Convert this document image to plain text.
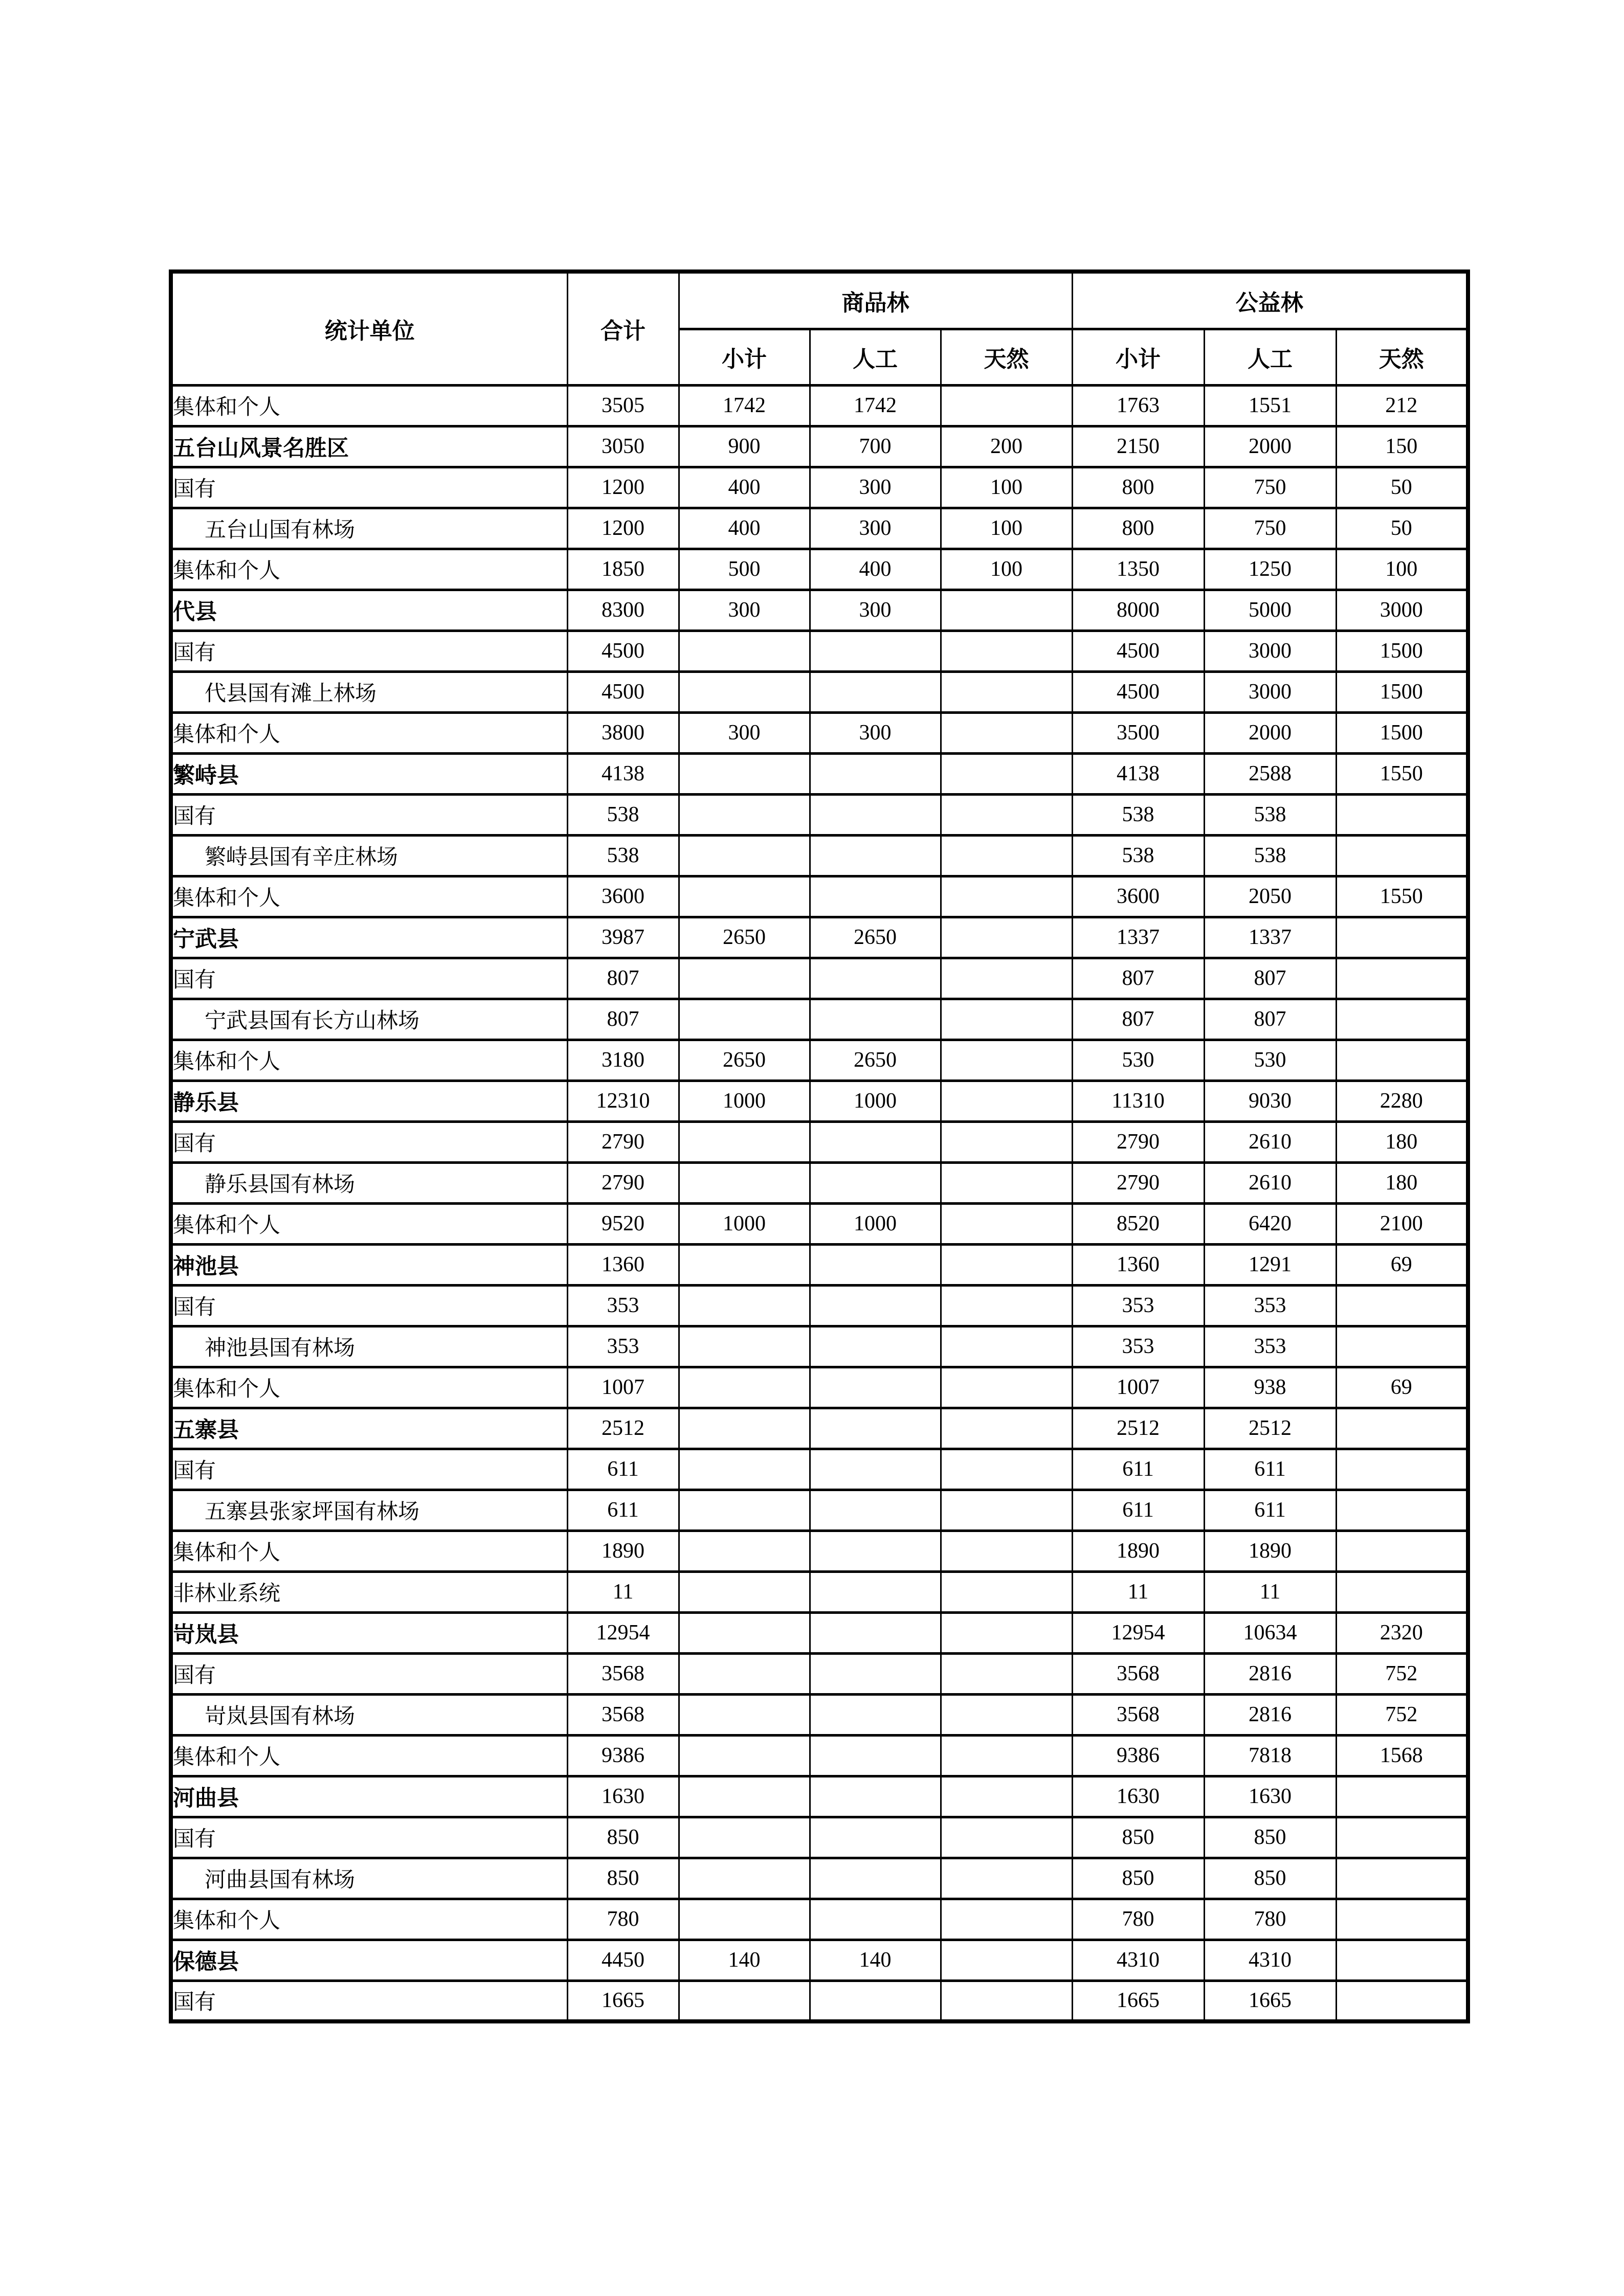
统计单位	合计	商品林			公益林		
		小计	人工	天然	小计	人工	天然
集体和个人	3505	1742	1742		1763	1551	212
五台山风景名胜区	3050	900	700	200	2150	2000	150
国有	1200	400	300	100	800	750	50
五台山国有林场	1200	400	300	100	800	750	50
集体和个人	1850	500	400	100	1350	1250	100
代县	8300	300	300		8000	5000	3000
国有	4500				4500	3000	1500
代县国有滩上林场	4500				4500	3000	1500
集体和个人	3800	300	300		3500	2000	1500
繁峙县	4138				4138	2588	1550
国有	538				538	538	
繁峙县国有辛庄林场	538				538	538	
集体和个人	3600				3600	2050	1550
宁武县	3987	2650	2650		1337	1337	
国有	807				807	807	
宁武县国有长方山林场	807				807	807	
集体和个人	3180	2650	2650		530	530	
静乐县	12310	1000	1000		11310	9030	2280
国有	2790				2790	2610	180
静乐县国有林场	2790				2790	2610	180
集体和个人	9520	1000	1000		8520	6420	2100
神池县	1360				1360	1291	69
国有	353				353	353	
神池县国有林场	353				353	353	
集体和个人	1007				1007	938	69
五寨县	2512				2512	2512	
国有	611				611	611	
五寨县张家坪国有林场	611				611	611	
集体和个人	1890				1890	1890	
非林业系统	11				11	11	
岢岚县	12954				12954	10634	2320
国有	3568				3568	2816	752
岢岚县国有林场	3568				3568	2816	752
集体和个人	9386				9386	7818	1568
河曲县	1630				1630	1630	
国有	850				850	850	
河曲县国有林场	850				850	850	
集体和个人	780				780	780	
保德县	4450	140	140		4310	4310	
国有	1665				1665	1665	
